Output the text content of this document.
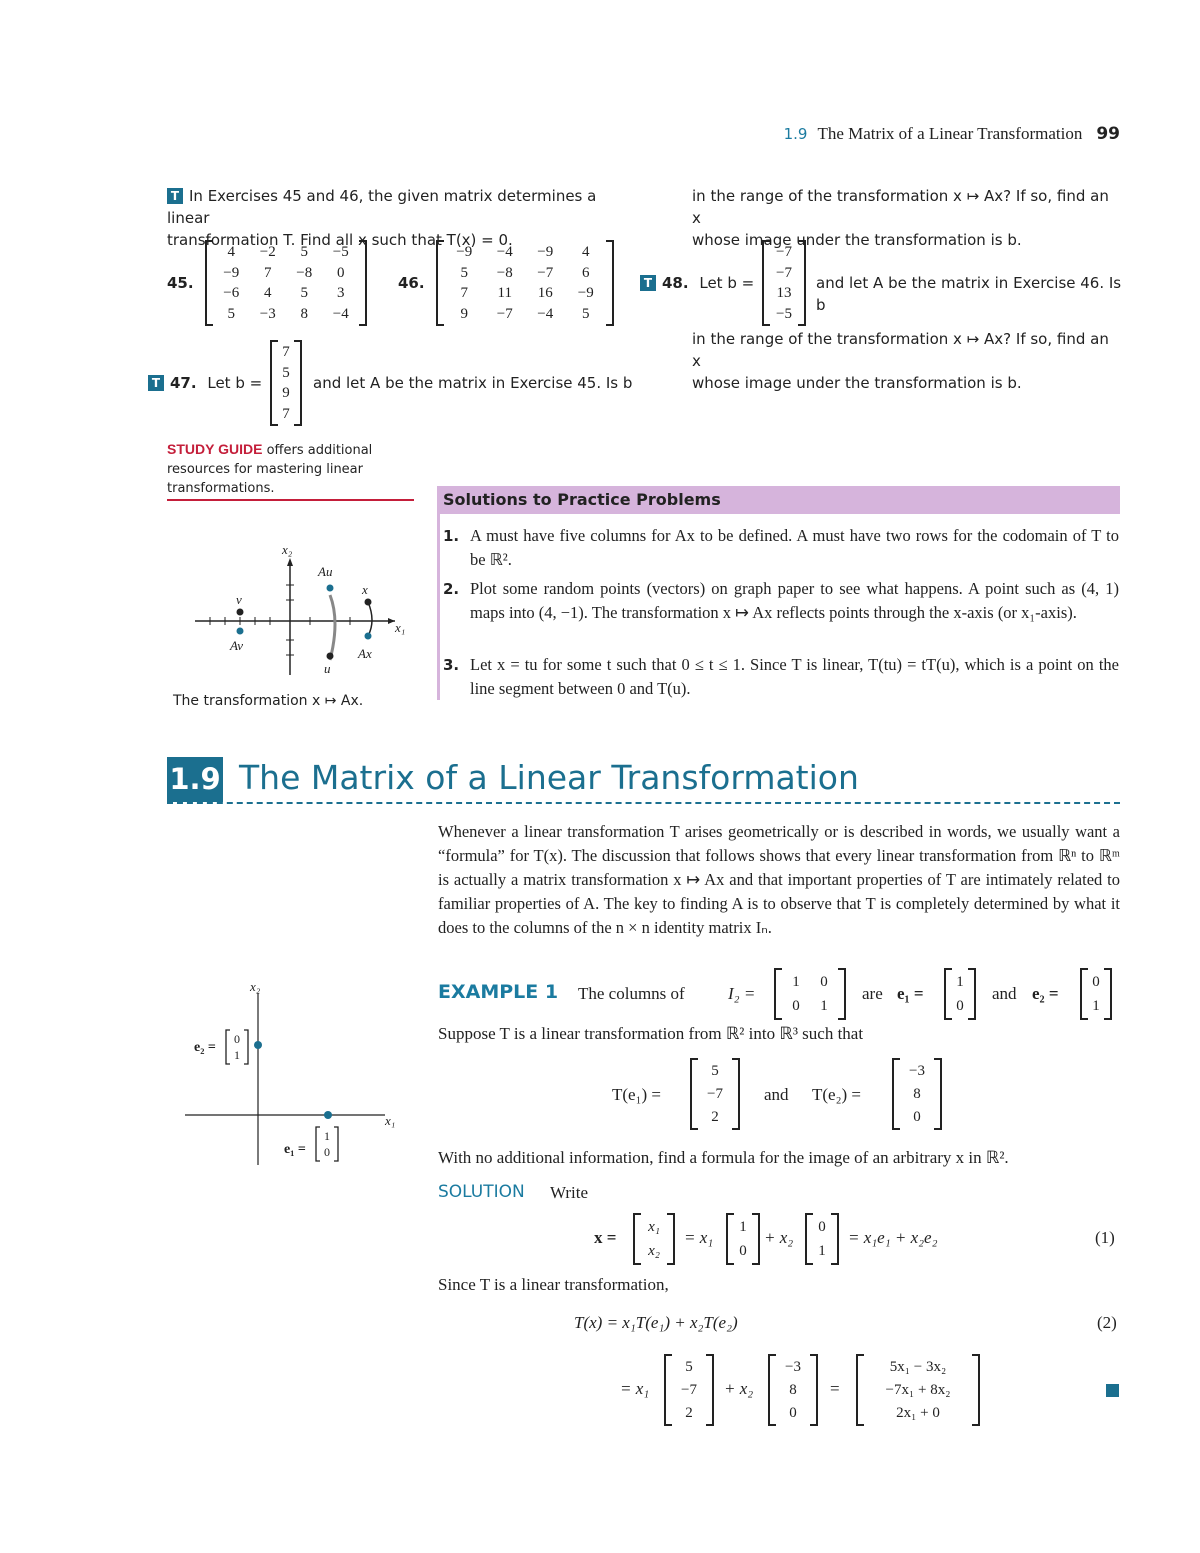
1.9 The Matrix of a Linear Transformation 99
T In Exercises 45 and 46, the given matrix determines a linear
transformation T. Find all x such that T(x) = 0.
45.
4	−2	5	−5
−9	7	−8	0
−6	4	5	3
5	−3	8	−4
46.
−9	−4	−9	4
5	−8	−7	6
7	11	16	−9
9	−7	−4	5
T 47. Let b =
7
5
9
7
and let A be the matrix in Exercise 45. Is b
in the range of the transformation x ↦ Ax? If so, find an x
whose image under the transformation is b.
T 48. Let b =
−7
−7
13
−5
and let A be the matrix in Exercise 46. Is b
in the range of the transformation x ↦ Ax? If so, find an x
whose image under the transformation is b.
STUDY GUIDE offers additional resources for mastering linear transformations.
x₁
x₂
Au
x
v
Av
u
Ax
The transformation x ↦ Ax.
Solutions to Practice Problems
1. A must have five columns for Ax to be defined. A must have two rows for the codomain of T to be ℝ².
2. Plot some random points (vectors) on graph paper to see what happens. A point such as (4, 1) maps into (4, −1). The transformation x ↦ Ax reflects points through the x-axis (or x₁-axis).
3. Let x = tu for some t such that 0 ≤ t ≤ 1. Since T is linear, T(tu) = tT(u), which is a point on the line segment between 0 and T(u).
1.9 The Matrix of a Linear Transformation
Whenever a linear transformation T arises geometrically or is described in words, we usually want a “formula” for T(x). The discussion that follows shows that every linear transformation from ℝⁿ to ℝᵐ is actually a matrix transformation x ↦ Ax and that important properties of T are intimately related to familiar properties of A. The key to finding A is to observe that T is completely determined by what it does to the columns of the n × n identity matrix Iₙ.
x₁
x₂
e₂ =
e₁ =
0
1
1
0
EXAMPLE 1 The columns of	I₂ =
1	0
0	1
are e₁ =
1
0
and e₂ =
0
1
Suppose T is a linear transformation from ℝ² into ℝ³ such that
T(e₁) =
5
−7
2
and T(e₂) =
−3
8
0
With no additional information, find a formula for the image of an arbitrary x in ℝ².
SOLUTION Write
x =
x₁
x₂
= x₁
1
0
+ x₂
0
1
= x₁e₁ + x₂e₂	(1)
Since T is a linear transformation,
T(x) = x₁T(e₁) + x₂T(e₂)	(2)
= x₁
5
−7
2
+ x₂
−3
8
0
=
5x₁ − 3x₂
−7x₁ + 8x₂
2x₁ + 0
